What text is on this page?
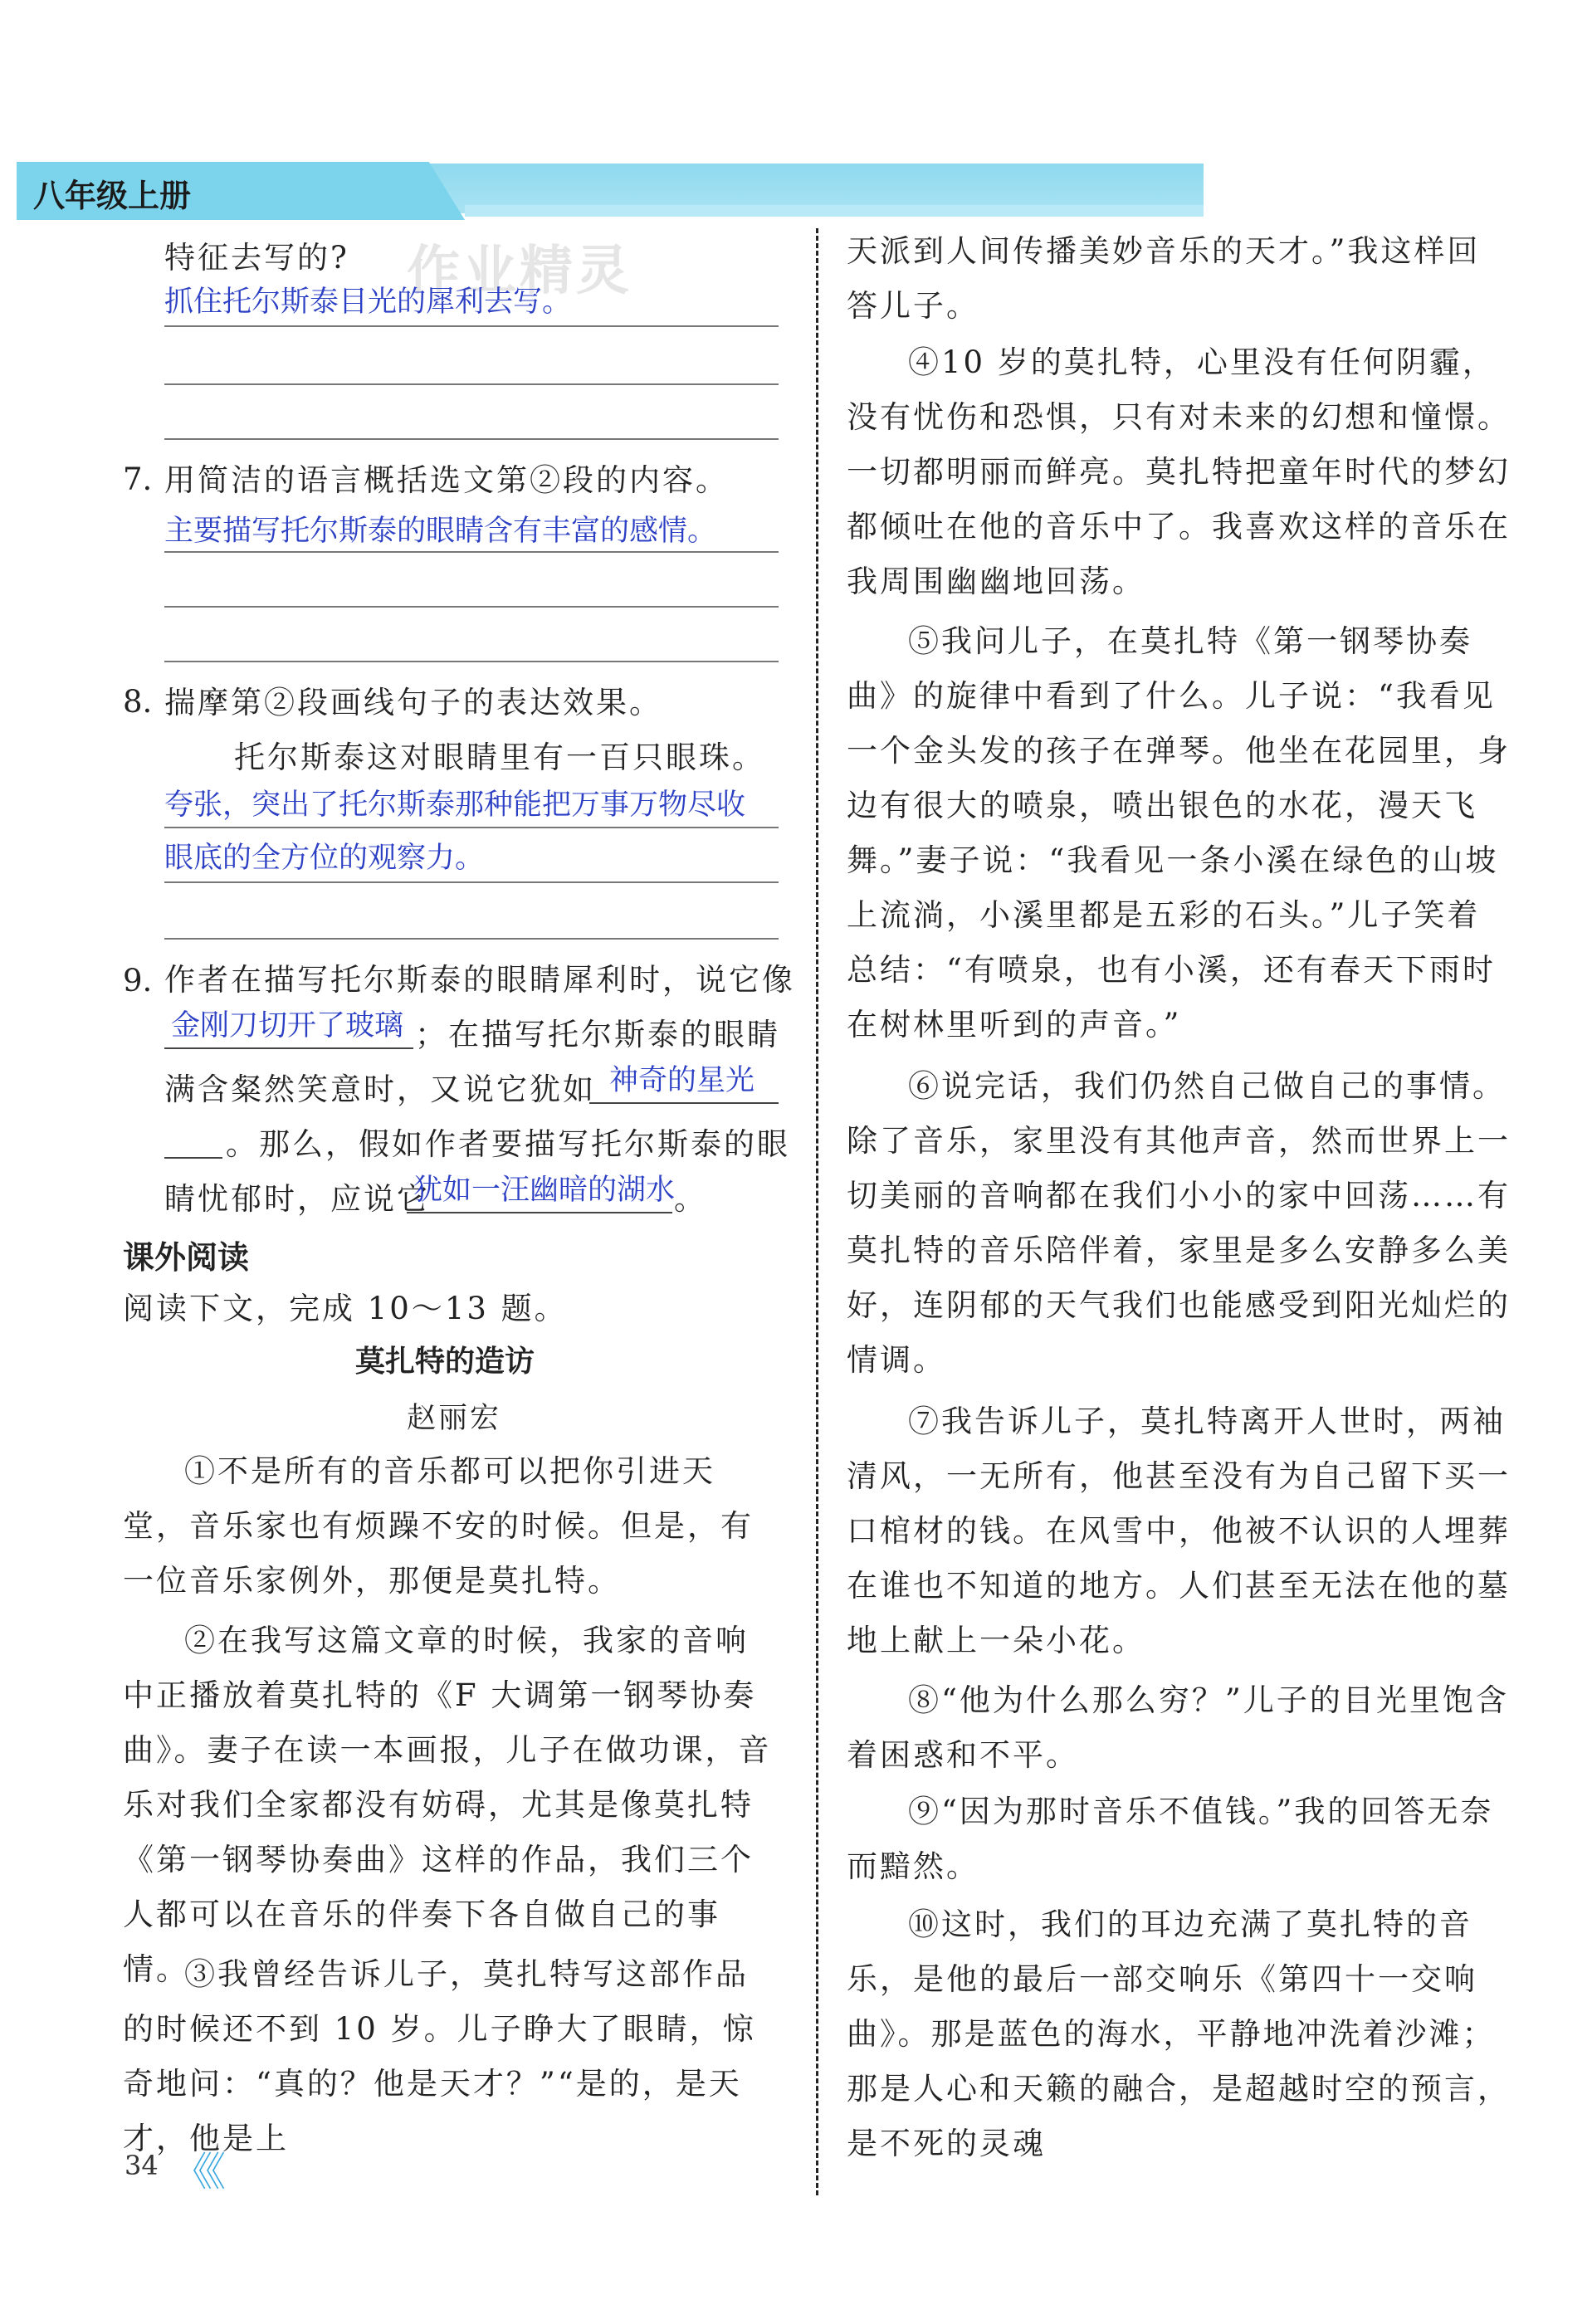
八年级上册
作业精灵
特征去写的?
抓住托尔斯泰目光的犀利去写。
7. 用简洁的语言概括选文第②段的内容。
主要描写托尔斯泰的眼睛含有丰富的感情。
8. 揣摩第②段画线句子的表达效果。
托尔斯泰这对眼睛里有一百只眼珠。
夸张，突出了托尔斯泰那种能把万事万物尽收
眼底的全方位的观察力。
9. 作者在描写托尔斯泰的眼睛犀利时，说它像
金刚刀切开了玻璃 ；在描写托尔斯泰的眼睛
满含粲然笑意时，又说它犹如 神奇的星光
。那么，假如作者要描写托尔斯泰的眼
睛忧郁时，应说它
犹如一汪幽暗的湖水
。
课外阅读
阅读下文，完成 10～13 题。
莫扎特的造访
赵丽宏
①不是所有的音乐都可以把你引进天堂，音乐家也有烦躁不安的时候。但是，有一位音乐家例外，那便是莫扎特。
②在我写这篇文章的时候，我家的音响中正播放着莫扎特的《F 大调第一钢琴协奏曲》。妻子在读一本画报，儿子在做功课，音乐对我们全家都没有妨碍，尤其是像莫扎特《第一钢琴协奏曲》这样的作品，我们三个人都可以在音乐的伴奏下各自做自己的事情。
③我曾经告诉儿子，莫扎特写这部作品的时候还不到 10 岁。儿子睁大了眼睛，惊奇地问：“真的？他是天才？”“是的，是天才，他是上
天派到人间传播美妙音乐的天才。”我这样回答儿子。
④10 岁的莫扎特，心里没有任何阴霾，没有忧伤和恐惧，只有对未来的幻想和憧憬。一切都明丽而鲜亮。莫扎特把童年时代的梦幻都倾吐在他的音乐中了。我喜欢这样的音乐在我周围幽幽地回荡。
⑤我问儿子，在莫扎特《第一钢琴协奏曲》的旋律中看到了什么。儿子说：“我看见一个金头发的孩子在弹琴。他坐在花园里，身边有很大的喷泉，喷出银色的水花，漫天飞舞。”妻子说：“我看见一条小溪在绿色的山坡上流淌，小溪里都是五彩的石头。”儿子笑着总结：“有喷泉，也有小溪，还有春天下雨时在树林里听到的声音。”
⑥说完话，我们仍然自己做自己的事情。除了音乐，家里没有其他声音，然而世界上一切美丽的音响都在我们小小的家中回荡……有莫扎特的音乐陪伴着，家里是多么安静多么美好，连阴郁的天气我们也能感受到阳光灿烂的情调。
⑦我告诉儿子，莫扎特离开人世时，两袖清风，一无所有，他甚至没有为自己留下买一口棺材的钱。在风雪中，他被不认识的人埋葬在谁也不知道的地方。人们甚至无法在他的墓地上献上一朵小花。
⑧“他为什么那么穷？”儿子的目光里饱含着困惑和不平。
⑨“因为那时音乐不值钱。”我的回答无奈而黯然。
⑩这时，我们的耳边充满了莫扎特的音乐，是他的最后一部交响乐《第四十一交响曲》。那是蓝色的海水，平静地冲洗着沙滩；那是人心和天籁的融合，是超越时空的预言，是不死的灵魂
34 《《
